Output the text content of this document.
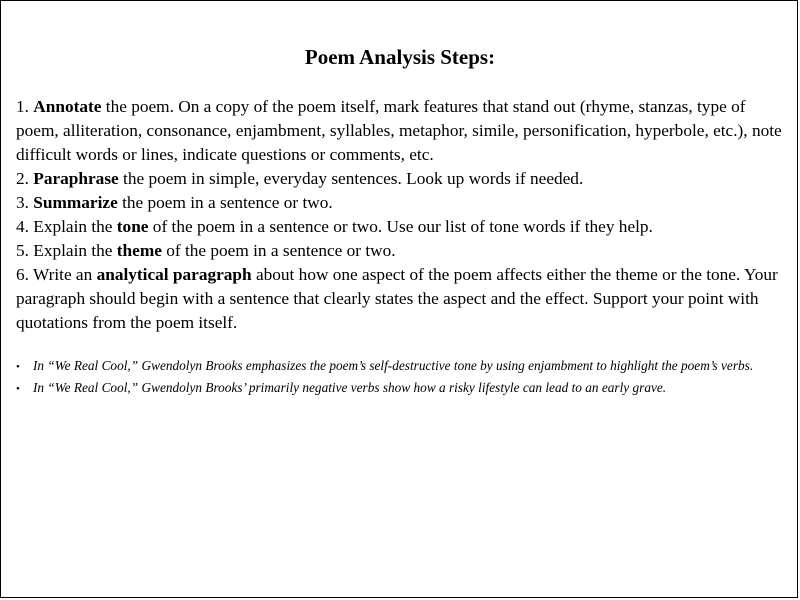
Poem Analysis Steps:

1. Annotate the poem. On a copy of the poem itself, mark features that stand out (rhyme, stanzas, type of poem, alliteration, consonance, enjambment, syllables, metaphor, simile, personification, hyperbole, etc.), note difficult words or lines, indicate questions or comments, etc.

2. Paraphrase the poem in simple, everyday sentences. Look up words if needed.

3. Summarize the poem in a sentence or two.

4. Explain the tone of the poem in a sentence or two. Use our list of tone words if they help.

5. Explain the theme of the poem in a sentence or two.

6. Write an analytical paragraph about how one aspect of the poem affects either the theme or the tone. Your paragraph should begin with a sentence that clearly states the aspect and the effect. Support your point with quotations from the poem itself.

• In “We Real Cool,” Gwendolyn Brooks emphasizes the poem’s self-destructive tone by using enjambment to highlight the poem’s verbs.

• In “We Real Cool,” Gwendolyn Brooks’ primarily negative verbs show how a risky lifestyle can lead to an early grave.
